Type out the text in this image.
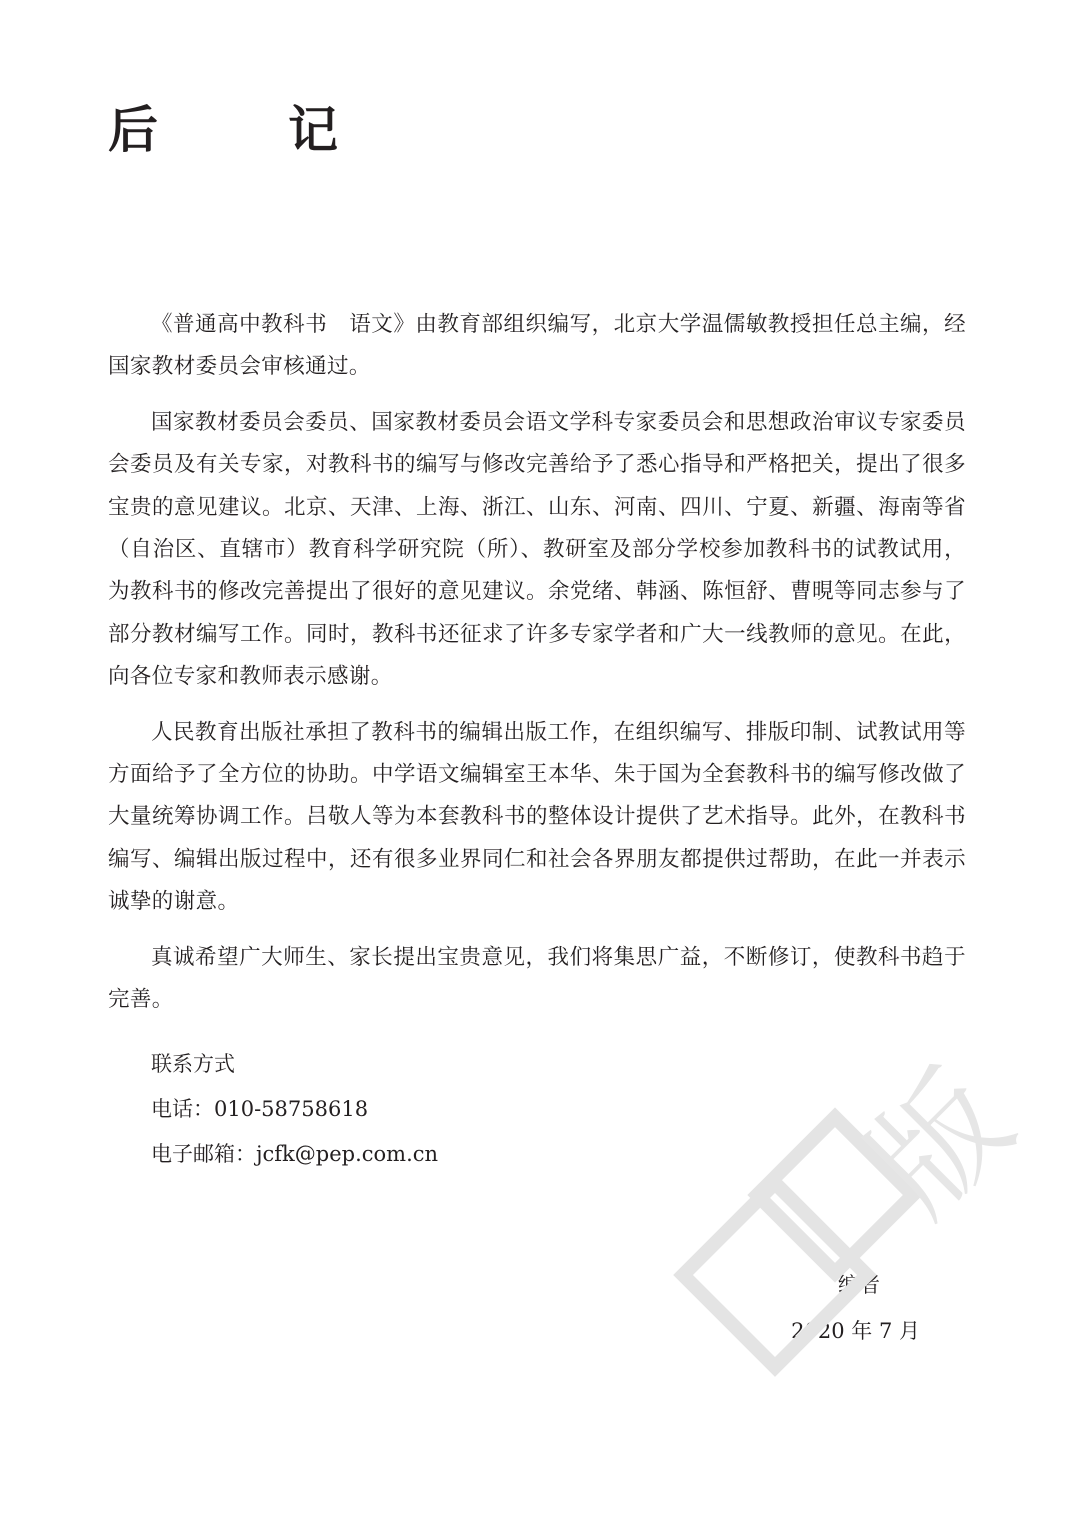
后　记

《普通高中教科书　语文》由教育部组织编写，北京大学温儒敏教授担任总主编，经国家教材委员会审核通过。

国家教材委员会委员、国家教材委员会语文学科专家委员会和思想政治审议专家委员会委员及有关专家，对教科书的编写与修改完善给予了悉心指导和严格把关，提出了很多宝贵的意见建议。北京、天津、上海、浙江、山东、河南、四川、宁夏、新疆、海南等省（自治区、直辖市）教育科学研究院（所）、教研室及部分学校参加教科书的试教试用，为教科书的修改完善提出了很好的意见建议。余党绪、韩涵、陈恒舒、曹晛等同志参与了部分教材编写工作。同时，教科书还征求了许多专家学者和广大一线教师的意见。在此，向各位专家和教师表示感谢。

人民教育出版社承担了教科书的编辑出版工作，在组织编写、排版印制、试教试用等方面给予了全方位的协助。中学语文编辑室王本华、朱于国为全套教科书的编写修改做了大量统筹协调工作。吕敬人等为本套教科书的整体设计提供了艺术指导。此外，在教科书编写、编辑出版过程中，还有很多业界同仁和社会各界朋友都提供过帮助，在此一并表示诚挚的谢意。

真诚希望广大师生、家长提出宝贵意见，我们将集思广益，不断修订，使教科书趋于完善。

联系方式
电话：010-58758618
电子邮箱：jcfk@pep.com.cn
编者
2020 年 7 月
版
